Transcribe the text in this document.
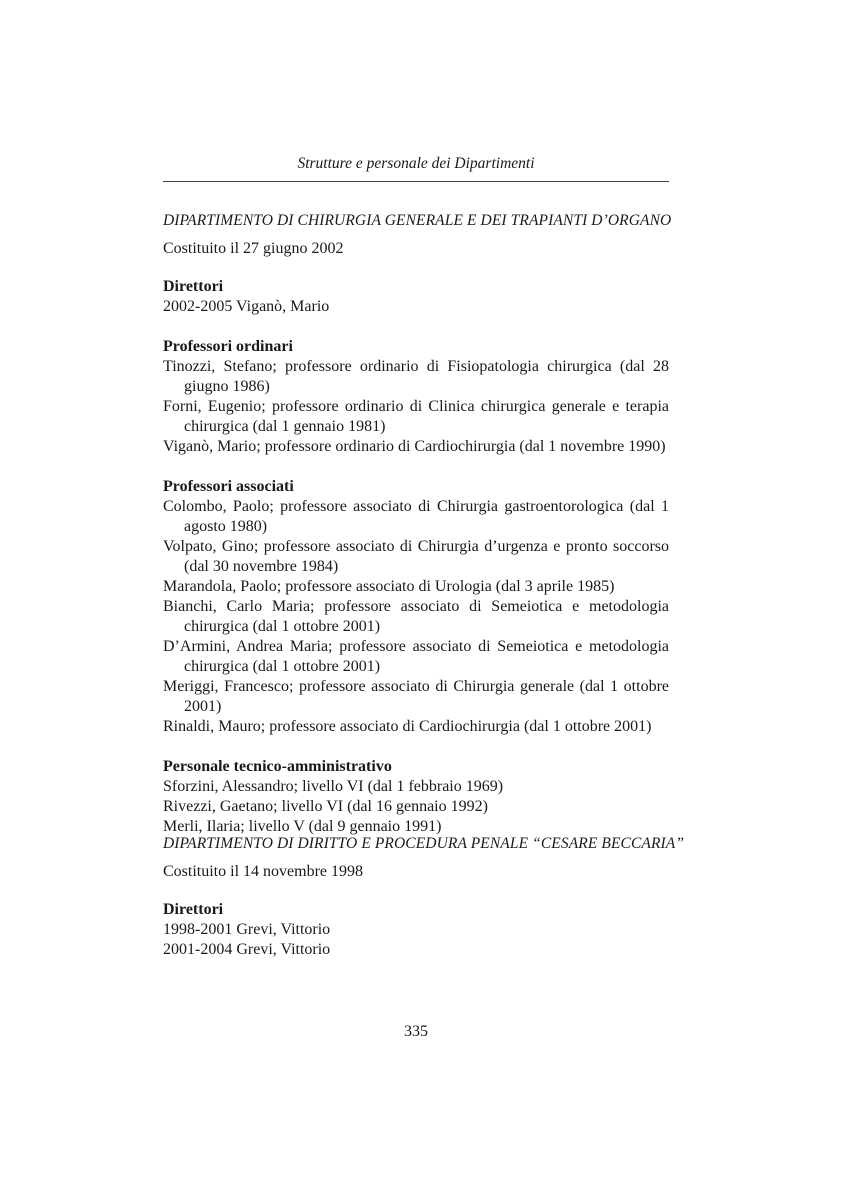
Strutture e personale dei Dipartimenti
DIPARTIMENTO DI CHIRURGIA GENERALE E DEI TRAPIANTI D’ORGANO
Costituito il 27 giugno 2002
Direttori
2002-2005 Viganò, Mario
Professori ordinari
Tinozzi, Stefano; professore ordinario di Fisiopatologia chirurgica (dal 28 giugno 1986)
Forni, Eugenio; professore ordinario di Clinica chirurgica generale e terapia chirurgica (dal 1 gennaio 1981)
Viganò, Mario; professore ordinario di Cardiochirurgia (dal 1 novembre 1990)
Professori associati
Colombo, Paolo; professore associato di Chirurgia gastroentorologica (dal 1 agosto 1980)
Volpato, Gino; professore associato di Chirurgia d’urgenza e pronto soccorso (dal 30 novembre 1984)
Marandola, Paolo; professore associato di Urologia (dal 3 aprile 1985)
Bianchi, Carlo Maria; professore associato di Semeiotica e metodologia chirurgica (dal 1 ottobre 2001)
D’Armini, Andrea Maria; professore associato di Semeiotica e metodologia chirurgica (dal 1 ottobre 2001)
Meriggi, Francesco; professore associato di Chirurgia generale (dal 1 ottobre 2001)
Rinaldi, Mauro; professore associato di Cardiochirurgia (dal 1 ottobre 2001)
Personale tecnico-amministrativo
Sforzini, Alessandro; livello VI (dal 1 febbraio 1969)
Rivezzi, Gaetano; livello VI (dal 16 gennaio 1992)
Merli, Ilaria; livello V (dal 9 gennaio 1991)
DIPARTIMENTO DI DIRITTO E PROCEDURA PENALE “CESARE BECCARIA”
Costituito il 14 novembre 1998
Direttori
1998-2001 Grevi, Vittorio
2001-2004 Grevi, Vittorio
335
